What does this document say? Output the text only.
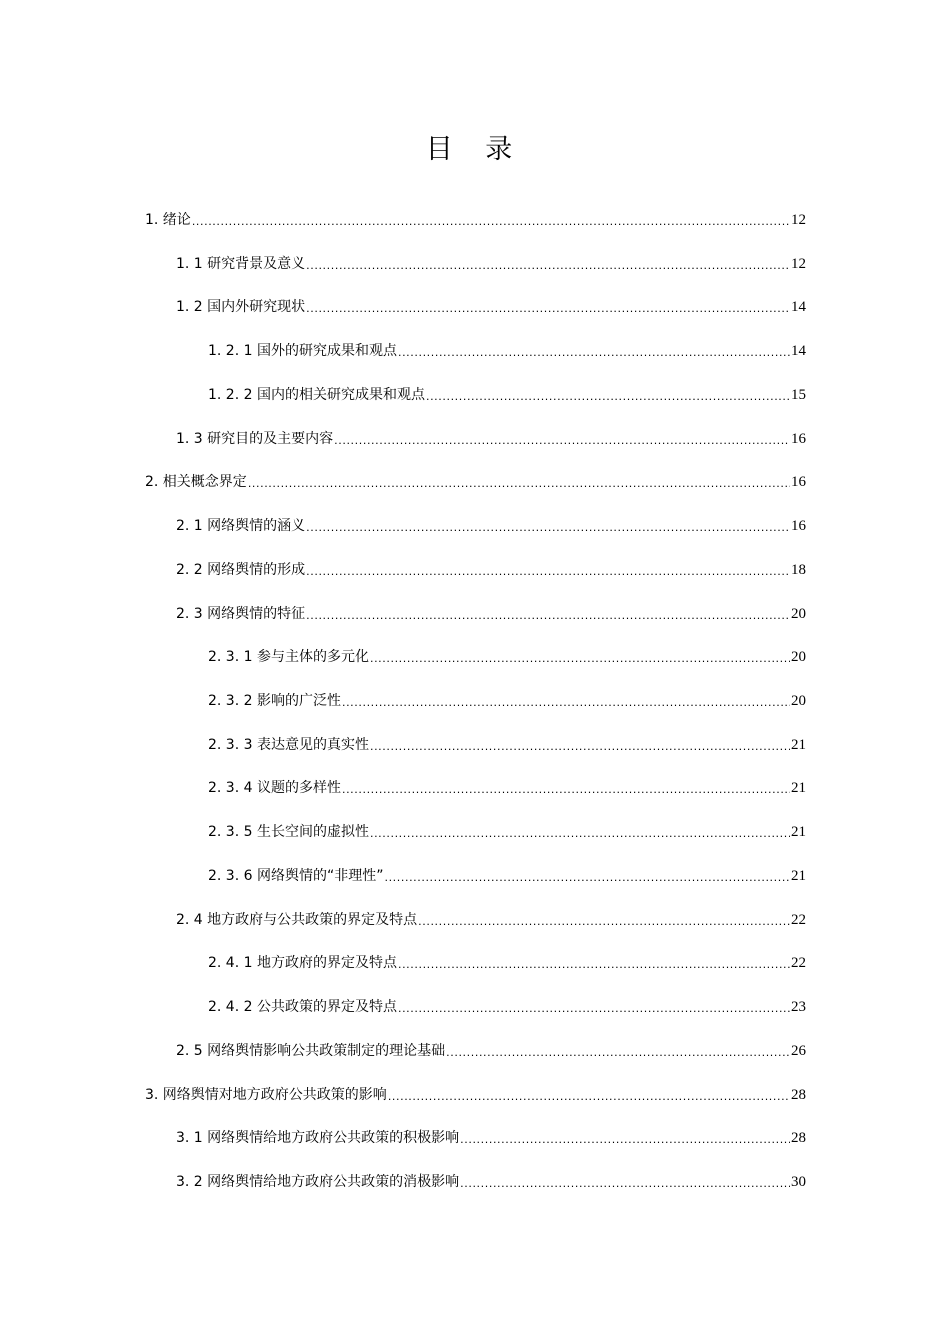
目 录
1. 绪论 .....	12
1. 1 研究背景及意义 .....	12
1. 2 国内外研究现状 .....	14
1. 2. 1 国外的研究成果和观点 .....	14
1. 2. 2 国内的相关研究成果和观点 .....	15
1. 3 研究目的及主要内容 .....	16
2. 相关概念界定 .....	16
2. 1 网络舆情的涵义 .....	16
2. 2 网络舆情的形成 .....	18
2. 3 网络舆情的特征 .....	20
2. 3. 1 参与主体的多元化 .....	20
2. 3. 2 影响的广泛性 .....	20
2. 3. 3 表达意见的真实性 .....	21
2. 3. 4 议题的多样性 .....	21
2. 3. 5 生长空间的虚拟性 .....	21
2. 3. 6 网络舆情的“非理性” .....	21
2. 4 地方政府与公共政策的界定及特点 .....	22
2. 4. 1 地方政府的界定及特点 .....	22
2. 4. 2 公共政策的界定及特点 .....	23
2. 5 网络舆情影响公共政策制定的理论基础 .....	26
3. 网络舆情对地方政府公共政策的影响 .....	28
3. 1 网络舆情给地方政府公共政策的积极影响 .....	28
3. 2 网络舆情给地方政府公共政策的消极影响 .....	30
